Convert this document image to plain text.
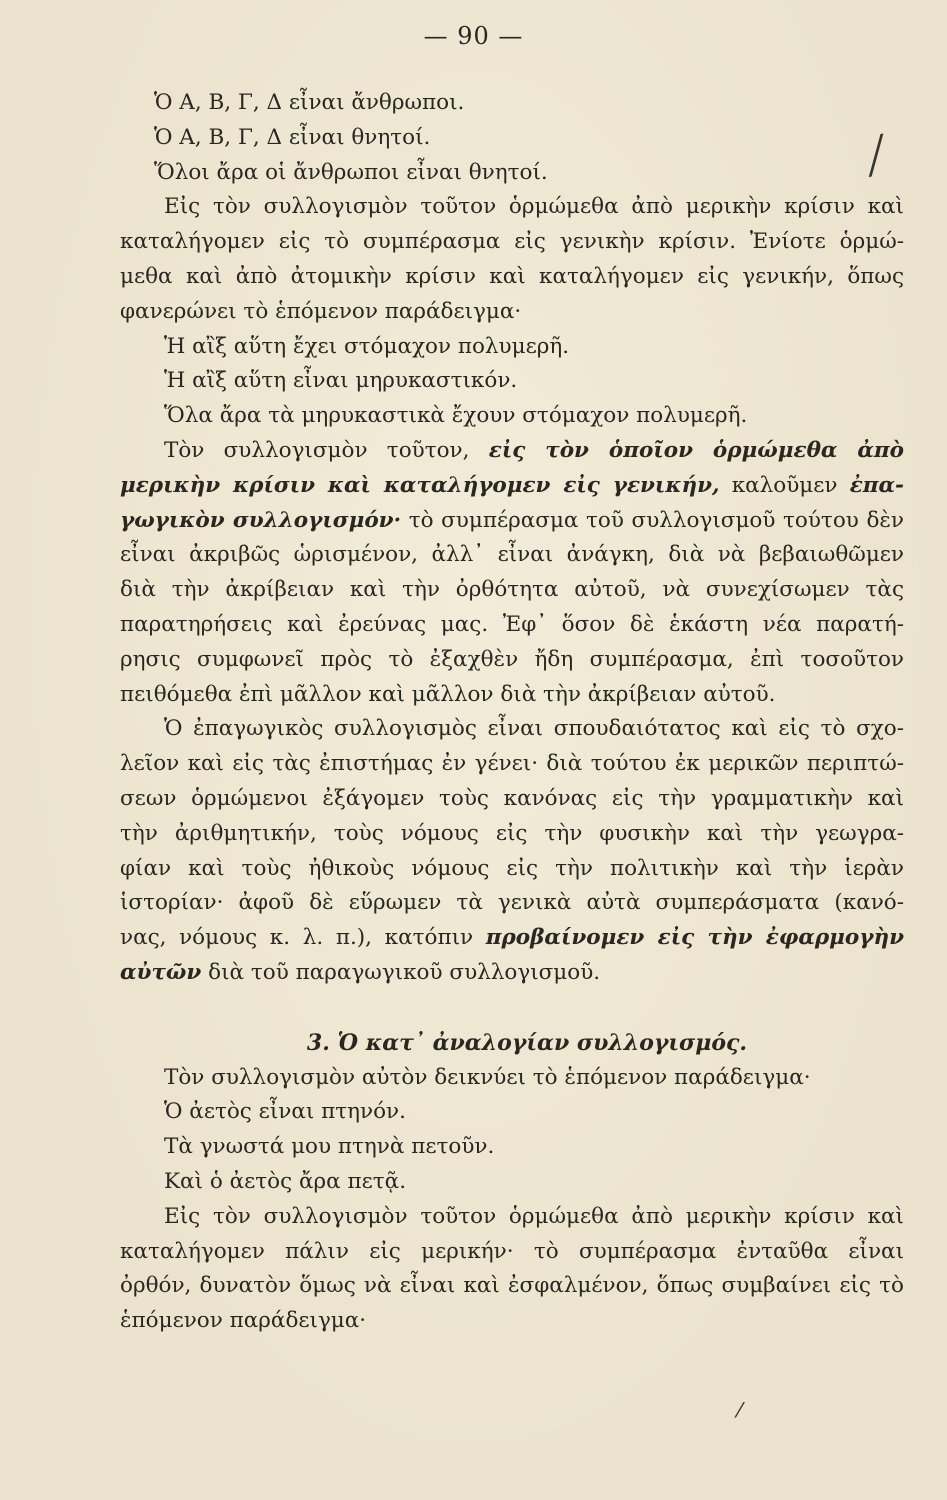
— 90 —
╱
Ὁ Α, Β, Γ, Δ εἶναι ἄνθρωποι.
Ὁ Α, Β, Γ, Δ εἶναι θνητοί.
Ὅλοι ἄρα οἱ ἄνθρωποι εἶναι θνητοί.
Εἰς τὸν συλλογισμὸν τοῦτον ὁρμώμεθα ἀπὸ μερικὴν κρίσιν καὶ
καταλήγομεν εἰς τὸ συμπέρασμα εἰς γενικὴν κρίσιν. Ἐνίοτε ὁρμώ-
μεθα καὶ ἀπὸ ἀτομικὴν κρίσιν καὶ καταλήγομεν εἰς γενικήν, ὅπως
φανερώνει τὸ ἑπόμενον παράδειγμα·
Ἡ αἲξ αὕτη ἔχει στόμαχον πολυμερῆ.
Ἡ αἲξ αὕτη εἶναι μηρυκαστικόν.
Ὅλα ἄρα τὰ μηρυκαστικὰ ἔχουν στόμαχον πολυμερῆ.
Τὸν συλλογισμὸν τοῦτον, εἰς τὸν ὁποῖον ὁρμώμεθα ἀπὸ
μερικὴν κρίσιν καὶ καταλήγομεν εἰς γενικήν, καλοῦμεν ἐπα-
γωγικὸν συλλογισμόν· τὸ συμπέρασμα τοῦ συλλογισμοῦ τούτου δὲν
εἶναι ἀκριβῶς ὡρισμένον, ἀλλ᾽ εἶναι ἀνάγκη, διὰ νὰ βεβαιωθῶμεν
διὰ τὴν ἀκρίβειαν καὶ τὴν ὀρθότητα αὐτοῦ, νὰ συνεχίσωμεν τὰς
παρατηρήσεις καὶ ἐρεύνας μας. Ἐφ᾽ ὅσον δὲ ἑκάστη νέα παρατή-
ρησις συμφωνεῖ πρὸς τὸ ἐξαχθὲν ἤδη συμπέρασμα, ἐπὶ τοσοῦτον
πειθόμεθα ἐπὶ μᾶλλον καὶ μᾶλλον διὰ τὴν ἀκρίβειαν αὐτοῦ.
Ὁ ἐπαγωγικὸς συλλογισμὸς εἶναι σπουδαιότατος καὶ εἰς τὸ σχο-
λεῖον καὶ εἰς τὰς ἐπιστήμας ἐν γένει· διὰ τούτου ἐκ μερικῶν περιπτώ-
σεων ὁρμώμενοι ἐξάγομεν τοὺς κανόνας εἰς τὴν γραμματικὴν καὶ
τὴν ἀριθμητικήν, τοὺς νόμους εἰς τὴν φυσικὴν καὶ τὴν γεωγρα-
φίαν καὶ τοὺς ἠθικοὺς νόμους εἰς τὴν πολιτικὴν καὶ τὴν ἱερὰν
ἱστορίαν· ἀφοῦ δὲ εὕρωμεν τὰ γενικὰ αὐτὰ συμπεράσματα (κανό-
νας, νόμους κ. λ. π.), κατόπιν προβαίνομεν εἰς τὴν ἐφαρμογὴν
αὐτῶν διὰ τοῦ παραγωγικοῦ συλλογισμοῦ.
3. Ὁ κατ᾽ ἀναλογίαν συλλογισμός.
Τὸν συλλογισμὸν αὐτὸν δεικνύει τὸ ἑπόμενον παράδειγμα·
Ὁ ἀετὸς εἶναι πτηνόν.
Τὰ γνωστά μου πτηνὰ πετοῦν.
Καὶ ὁ ἀετὸς ἄρα πετᾷ.
Εἰς τὸν συλλογισμὸν τοῦτον ὁρμώμεθα ἀπὸ μερικὴν κρίσιν καὶ
καταλήγομεν πάλιν εἰς μερικήν· τὸ συμπέρασμα ἐνταῦθα εἶναι
ὀρθόν, δυνατὸν ὅμως νὰ εἶναι καὶ ἐσφαλμένον, ὅπως συμβαίνει εἰς τὸ
ἑπόμενον παράδειγμα·
⁄
